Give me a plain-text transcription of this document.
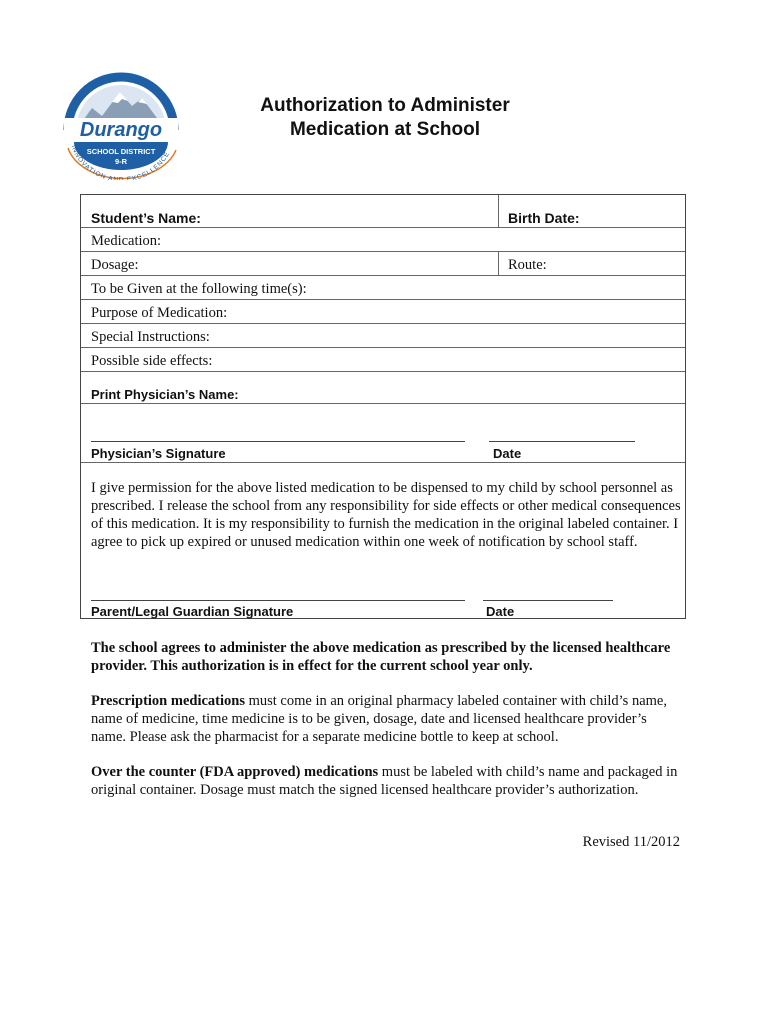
Durango
SCHOOL DISTRICT
9-R
INNOVATION AN EXCELLENCE
Authorization to Administer
Medication at School
Student’s Name:	Birth Date:
Medication:
Dosage:	Route:
To be Given at the following time(s):
Purpose of Medication:
Special Instructions:
Possible side effects:
Print Physician’s Name:
Physician’s Signature	Date
I give permission for the above listed medication to be dispensed to my child by school personnel as prescribed. I release the school from any responsibility for side effects or other medical consequences of this medication. It is my responsibility to furnish the medication in the original labeled container. I agree to pick up expired or unused medication within one week of notification by school staff.
Parent/Legal Guardian Signature	Date
The school agrees to administer the above medication as prescribed by the licensed healthcare provider. This authorization is in effect for the current school year only.
Prescription medications must come in an original pharmacy labeled container with child’s name, name of medicine, time medicine is to be given, dosage, date and licensed healthcare provider’s name. Please ask the pharmacist for a separate medicine bottle to keep at school.
Over the counter (FDA approved) medications must be labeled with child’s name and packaged in original container. Dosage must match the signed licensed healthcare provider’s authorization.
Revised 11/2012
